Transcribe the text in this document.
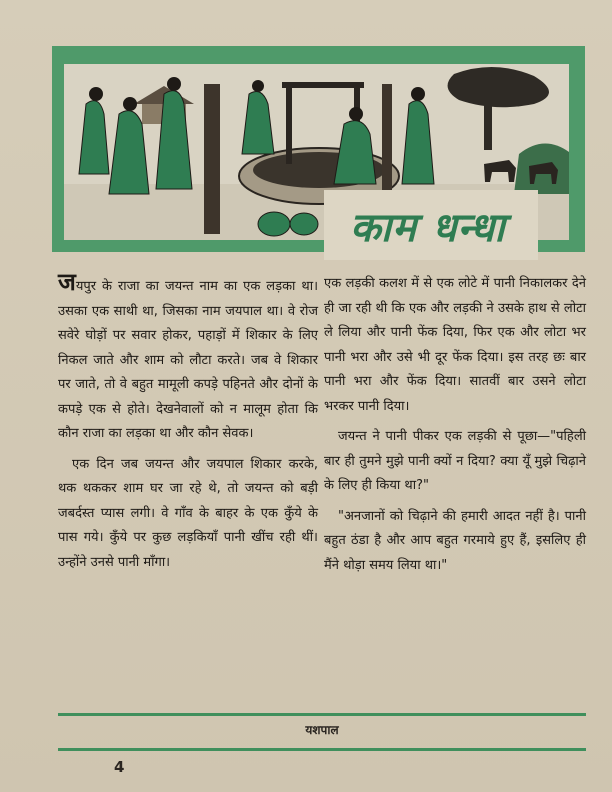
काम धन्धा

जयपुर के राजा का जयन्त नाम का एक लड़का था। उसका एक साथी था, जिसका नाम जयपाल था। वे रोज सवेरे घोड़ों पर सवार होकर, पहाड़ों में शिकार के लिए निकल जाते और शाम को लौटा करते। जब वे शिकार पर जाते, तो वे बहुत मामूली कपड़े पहिनते और दोनों के कपड़े एक से होते। देखनेवालों को न मालूम होता कि कौन राजा का लड़का था और कौन सेवक।

एक दिन जब जयन्त और जयपाल शिकार करके, थक थककर शाम घर जा रहे थे, तो जयन्त को बड़ी जबर्दस्त प्यास लगी। वे गाँव के बाहर के एक कुँये के पास गये। कुँये पर कुछ लड़कियाँ पानी खींच रही थीं। उन्होंने उनसे पानी माँगा।

एक लड़की कलश में से एक लोटे में पानी निकालकर देने ही जा रही थी कि एक और लड़की ने उसके हाथ से लोटा ले लिया और पानी फेंक दिया, फिर एक और लोटा भर पानी भरा और उसे भी दूर फेंक दिया। इस तरह छः बार पानी भरा और फेंक दिया। सातवीं बार उसने लोटा भरकर पानी दिया।

जयन्त ने पानी पीकर एक लड़की से पूछा—"पहिली बार ही तुमने मुझे पानी क्यों न दिया? क्या यूँ मुझे चिढ़ाने के लिए ही किया था?"

"अनजानों को चिढ़ाने की हमारी आदत नहीं है। पानी बहुत ठंडा है और आप बहुत गरमाये हुए हैं, इसलिए ही मैंने थोड़ा समय लिया था।"

यशपाल
4
